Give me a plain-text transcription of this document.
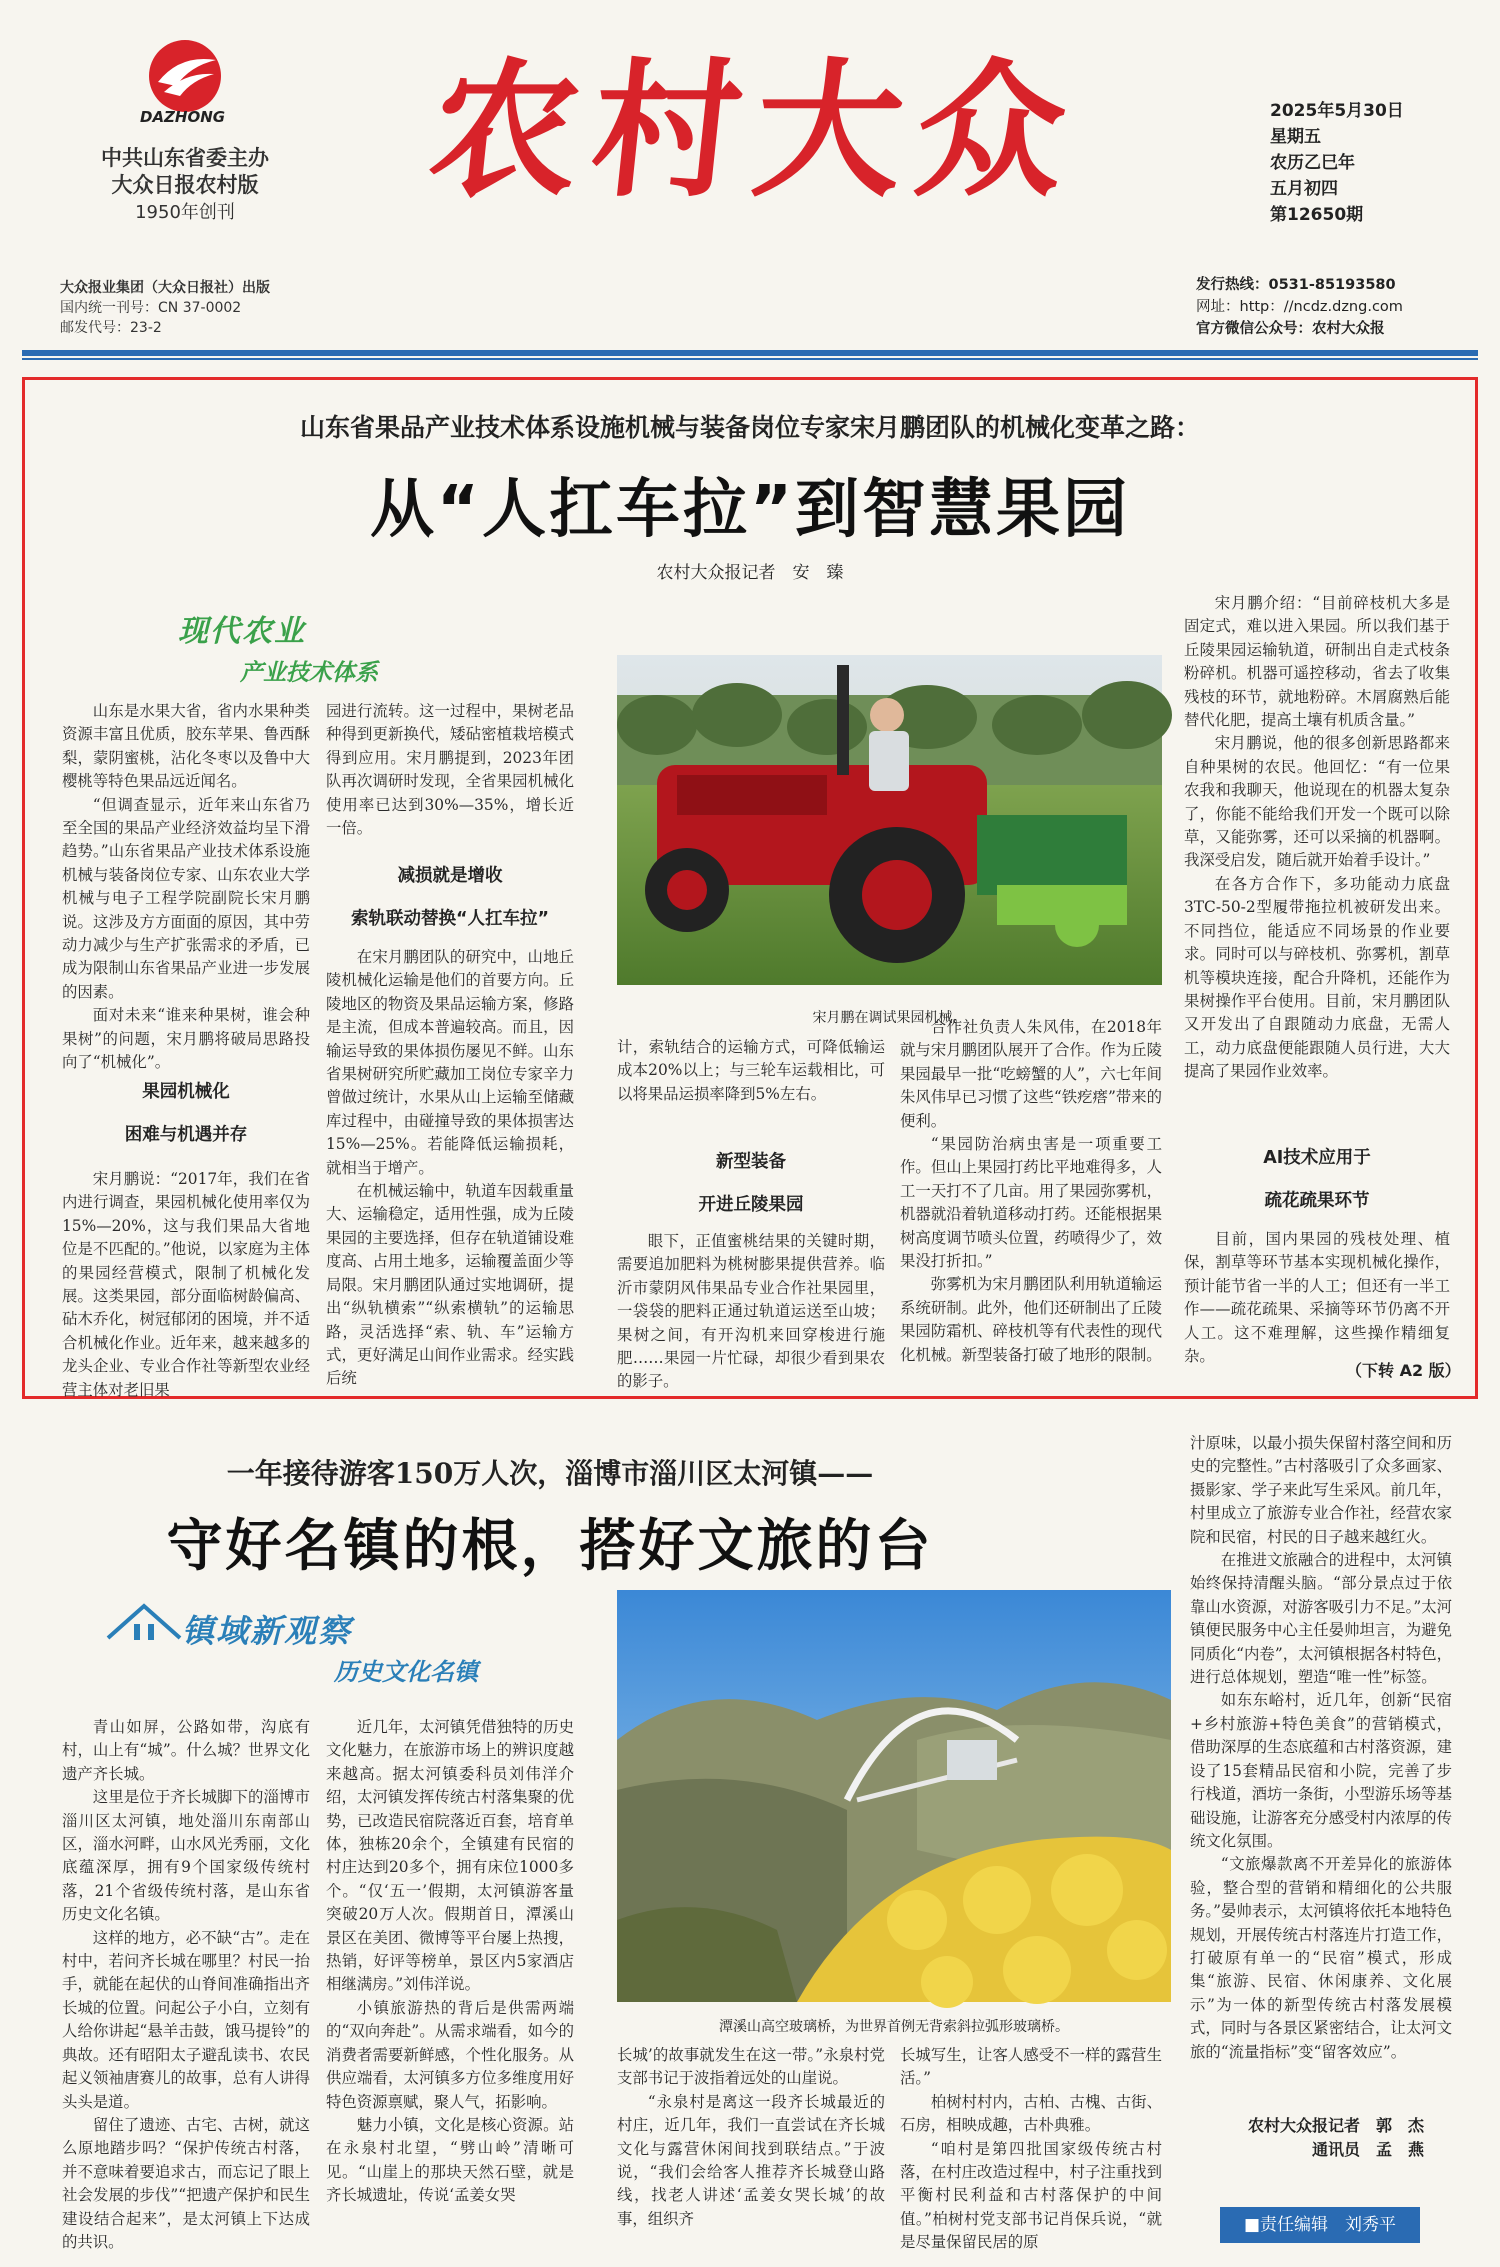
DAZHONG
中共山东省委主办
大众日报农村版
1950年创刊
大众报业集团（大众日报社）出版
国内统一刊号：CN 37-0002
邮发代号：23-2
农村大众	2025年5月30日
星期五
农历乙巳年
五月初四
第12650期
发行热线：0531-85193580
网址：http：//ncdz.dzng.com
官方微信公众号：农村大众报
山东省果品产业技术体系设施机械与装备岗位专家宋月鹏团队的机械化变革之路：
从“人扛车拉”到智慧果园
农村大众报记者　安　臻
现代农业
产业技术体系

山东是水果大省，省内水果种类资源丰富且优质，胶东苹果、鲁西酥梨，蒙阴蜜桃，沾化冬枣以及鲁中大樱桃等特色果品远近闻名。

“但调查显示，近年来山东省乃至全国的果品产业经济效益均呈下滑趋势。”山东省果品产业技术体系设施机械与装备岗位专家、山东农业大学机械与电子工程学院副院长宋月鹏说。这涉及方方面面的原因，其中劳动力减少与生产扩张需求的矛盾，已成为限制山东省果品产业进一步发展的因素。

面对未来“谁来种果树，谁会种果树”的问题，宋月鹏将破局思路投向了“机械化”。

果园机械化
困难与机遇并存

宋月鹏说：“2017年，我们在省内进行调查，果园机械化使用率仅为15%—20%，这与我们果品大省地位是不匹配的。”他说，以家庭为主体的果园经营模式，限制了机械化发展。这类果园，部分面临树龄偏高、砧木乔化，树冠郁闭的困境，并不适合机械化作业。近年来，越来越多的龙头企业、专业合作社等新型农业经营主体对老旧果

园进行流转。这一过程中，果树老品种得到更新换代，矮砧密植栽培模式得到应用。宋月鹏提到，2023年团队再次调研时发现，全省果园机械化使用率已达到30%—35%，增长近一倍。

减损就是增收
索轨联动替换“人扛车拉”

在宋月鹏团队的研究中，山地丘陵机械化运输是他们的首要方向。丘陵地区的物资及果品运输方案，修路是主流，但成本普遍较高。而且，因输运导致的果体损伤屡见不鲜。山东省果树研究所贮藏加工岗位专家辛力曾做过统计，水果从山上运输至储藏库过程中，由碰撞导致的果体损害达15%—25%。若能降低运输损耗，就相当于增产。

在机械运输中，轨道车因载重量大、运输稳定，适用性强，成为丘陵果园的主要选择，但存在轨道铺设难度高、占用土地多，运输覆盖面少等局限。宋月鹏团队通过实地调研，提出“纵轨横索”“纵索横轨”的运输思路，灵活选择“索、轨、车”运输方式，更好满足山间作业需求。经实践后统

宋月鹏在调试果园机械。

计，索轨结合的运输方式，可降低输运成本20%以上；与三轮车运载相比，可以将果品运损率降到5%左右。

新型装备
开进丘陵果园

眼下，正值蜜桃结果的关键时期，需要追加肥料为桃树膨果提供营养。临沂市蒙阴风伟果品专业合作社果园里，一袋袋的肥料正通过轨道运送至山坡；果树之间，有开沟机来回穿梭进行施肥……果园一片忙碌，却很少看到果农的影子。

合作社负责人朱风伟，在2018年就与宋月鹏团队展开了合作。作为丘陵果园最早一批“吃螃蟹的人”，六七年间朱风伟早已习惯了这些“铁疙瘩”带来的便利。

“果园防治病虫害是一项重要工作。但山上果园打药比平地难得多，人工一天打不了几亩。用了果园弥雾机，机器就沿着轨道移动打药。还能根据果树高度调节喷头位置，药喷得少了，效果没打折扣。”

弥雾机为宋月鹏团队利用轨道输运系统研制。此外，他们还研制出了丘陵果园防霜机、碎枝机等有代表性的现代化机械。新型装备打破了地形的限制。

宋月鹏介绍：“目前碎枝机大多是固定式，难以进入果园。所以我们基于丘陵果园运输轨道，研制出自走式枝条粉碎机。机器可遥控移动，省去了收集残枝的环节，就地粉碎。木屑腐熟后能替代化肥，提高土壤有机质含量。”

宋月鹏说，他的很多创新思路都来自种果树的农民。他回忆：“有一位果农我和我聊天，他说现在的机器太复杂了，你能不能给我们开发一个既可以除草，又能弥雾，还可以采摘的机器啊。我深受启发，随后就开始着手设计。”

在各方合作下，多功能动力底盘3TC-50-2型履带拖拉机被研发出来。不同挡位，能适应不同场景的作业要求。同时可以与碎枝机、弥雾机，割草机等模块连接，配合升降机，还能作为果树操作平台使用。目前，宋月鹏团队又开发出了自跟随动力底盘，无需人工，动力底盘便能跟随人员行进，大大提高了果园作业效率。

AI技术应用于
疏花疏果环节

目前，国内果园的残枝处理、植保，割草等环节基本实现机械化操作，预计能节省一半的人工；但还有一半工作——疏花疏果、采摘等环节仍离不开人工。这不难理解，这些操作精细复杂。

（下转 A2 版）
一年接待游客150万人次，淄博市淄川区太河镇——
守好名镇的根，搭好文旅的台
镇域新观察
历史文化名镇
潭溪山高空玻璃桥，为世界首例无背索斜拉弧形玻璃桥。

青山如屏，公路如带，沟底有村，山上有“城”。什么城？世界文化遗产齐长城。

这里是位于齐长城脚下的淄博市淄川区太河镇，地处淄川东南部山区，淄水河畔，山水风光秀丽，文化底蕴深厚，拥有9个国家级传统村落，21个省级传统村落，是山东省历史文化名镇。

这样的地方，必不缺“古”。走在村中，若问齐长城在哪里？村民一抬手，就能在起伏的山脊间准确指出齐长城的位置。问起公子小白，立刻有人给你讲起“悬羊击鼓，饿马提铃”的典故。还有昭阳太子避乱读书、农民起义领袖唐赛儿的故事，总有人讲得头头是道。

留住了遗迹、古宅、古树，就这么原地踏步吗？“保护传统古村落，并不意味着要追求古，而忘记了眼上社会发展的步伐”“把遗产保护和民生建设结合起来”，是太河镇上下达成的共识。

近几年，太河镇凭借独特的历史文化魅力，在旅游市场上的辨识度越来越高。据太河镇委科员刘伟洋介绍，太河镇发挥传统古村落集聚的优势，已改造民宿院落近百套，培育单体，独栋20余个，全镇建有民宿的村庄达到20多个，拥有床位1000多个。“仅‘五一’假期，太河镇游客量突破20万人次。假期首日，潭溪山景区在美团、微博等平台屡上热搜，热销，好评等榜单，景区内5家酒店相继满房。”刘伟洋说。

小镇旅游热的背后是供需两端的“双向奔赴”。从需求端看，如今的消费者需要新鲜感，个性化服务。从供应端看，太河镇多方位多维度用好特色资源禀赋，聚人气，拓影响。

魅力小镇，文化是核心资源。站在永泉村北望，“劈山岭”清晰可见。“山崖上的那块天然石壁，就是齐长城遗址，传说‘孟姜女哭

长城’的故事就发生在这一带。”永泉村党支部书记于波指着远处的山崖说。

“永泉村是离这一段齐长城最近的村庄，近几年，我们一直尝试在齐长城文化与露营休闲间找到联结点。”于波说，“我们会给客人推荐齐长城登山路线，找老人讲述‘孟姜女哭长城’的故事，组织齐

长城写生，让客人感受不一样的露营生活。”

柏树村村内，古柏、古槐、古街、石房，相映成趣，古朴典雅。

“咱村是第四批国家级传统古村落，在村庄改造过程中，村子注重找到平衡村民利益和古村落保护的中间值。”柏树村党支部书记肖保兵说，“就是尽量保留民居的原

汁原味，以最小损失保留村落空间和历史的完整性。”古村落吸引了众多画家、摄影家、学子来此写生采风。前几年，村里成立了旅游专业合作社，经营农家院和民宿，村民的日子越来越红火。

在推进文旅融合的进程中，太河镇始终保持清醒头脑。“部分景点过于依靠山水资源，对游客吸引力不足。”太河镇便民服务中心主任晏帅坦言，为避免同质化“内卷”，太河镇根据各村特色，进行总体规划，塑造“唯一性”标签。

如东东峪村，近几年，创新“民宿+乡村旅游+特色美食”的营销模式，借助深厚的生态底蕴和古村落资源，建设了15套精品民宿和小院，完善了步行栈道，酒坊一条街，小型游乐场等基础设施，让游客充分感受村内浓厚的传统文化氛围。

“文旅爆款离不开差异化的旅游体验，整合型的营销和精细化的公共服务。”晏帅表示，太河镇将依托本地特色规划，开展传统古村落连片打造工作，打破原有单一的“民宿”模式，形成集“旅游、民宿、休闲康养、文化展示”为一体的新型传统古村落发展模式，同时与各景区紧密结合，让太河文旅的“流量指标”变“留客效应”。

农村大众报记者　郭　杰
通讯员　孟　燕
■责任编辑　刘秀平
